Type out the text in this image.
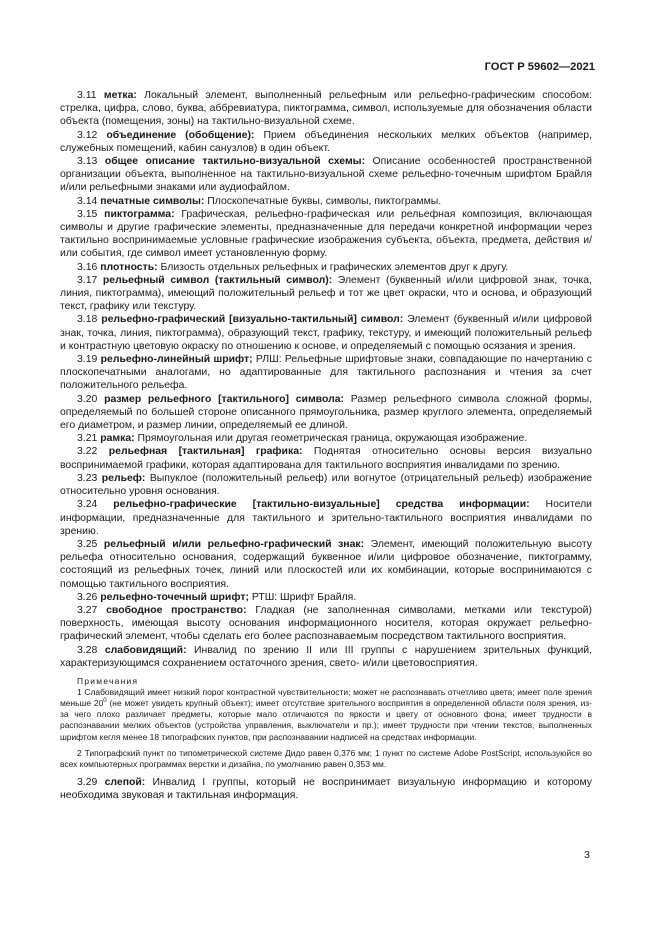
ГОСТ Р 59602—2021

3.11 метка: Локальный элемент, выполненный рельефным или рельефно-графическим способом: стрелка, цифра, слово, буква, аббревиатура, пиктограмма, символ, используемые для обозначения области объекта (помещения, зоны) на тактильно-визуальной схеме.

3.12 объединение (обобщение): Прием объединения нескольких мелких объектов (например, служебных помещений, кабин санузлов) в один объект.

3.13 общее описание тактильно-визуальной схемы: Описание особенностей пространственной организации объекта, выполненное на тактильно-визуальной схеме рельефно-точечным шрифтом Брайля и/или рельефными знаками или аудиофайлом.

3.14 печатные символы: Плоскопечатные буквы, символы, пиктограммы.

3.15 пиктограмма: Графическая, рельефно-графическая или рельефная композиция, включающая символы и другие графические элементы, предназначенные для передачи конкретной информации через тактильно воспринимаемые условные графические изображения субъекта, объекта, предмета, действия и/или события, где символ имеет установленную форму.

3.16 плотность: Близость отдельных рельефных и графических элементов друг к другу.

3.17 рельефный символ (тактильный символ): Элемент (буквенный и/или цифровой знак, точка, линия, пиктограмма), имеющий положительный рельеф и тот же цвет окраски, что и основа, и образующий текст, графику или текстуру.

3.18 рельефно-графический [визуально-тактильный] символ: Элемент (буквенный и/или цифровой знак, точка, линия, пиктограмма), образующий текст, графику, текстуру, и имеющий положительный рельеф и контрастную цветовую окраску по отношению к основе, и определяемый с помощью осязания и зрения.

3.19 рельефно-линейный шрифт; РЛШ: Рельефные шрифтовые знаки, совпадающие по начертанию с плоскопечатными аналогами, но адаптированные для тактильного распознания и чтения за счет положительного рельефа.

3.20 размер рельефного [тактильного] символа: Размер рельефного символа сложной формы, определяемый по большей стороне описанного прямоугольника, размер круглого элемента, определяемый его диаметром, и размер линии, определяемый ее длиной.

3.21 рамка: Прямоугольная или другая геометрическая граница, окружающая изображение.

3.22 рельефная [тактильная] графика: Поднятая относительно основы версия визуально воспринимаемой графики, которая адаптирована для тактильного восприятия инвалидами по зрению.

3.23 рельеф: Выпуклое (положительный рельеф) или вогнутое (отрицательный рельеф) изображение относительно уровня основания.

3.24 рельефно-графические [тактильно-визуальные] средства информации: Носители информации, предназначенные для тактильного и зрительно-тактильного восприятия инвалидами по зрению.

3.25 рельефный и/или рельефно-графический знак: Элемент, имеющий положительную высоту рельефа относительно основания, содержащий буквенное и/или цифровое обозначение, пиктограмму, состоящий из рельефных точек, линий или плоскостей или их комбинации, которые воспринимаются с помощью тактильного восприятия.

3.26 рельефно-точечный шрифт; РТШ: Шрифт Брайля.

3.27 свободное пространство: Гладкая (не заполненная символами, метками или текстурой) поверхность, имеющая высоту основания информационного носителя, которая окружает рельефно-графический элемент, чтобы сделать его более распознаваемым посредством тактильного восприятия.

3.28 слабовидящий: Инвалид по зрению II или III группы с нарушением зрительных функций, характеризующимся сохранением остаточного зрения, свето- и/или цветовосприятия.

Примечания

1 Слабовидящий имеет низкий порог контрастной чувствительности; может не распознавать отчетливо цвета; имеет поле зрения меньше $20^0$ (не может увидеть крупный объект); имеет отсутствие зрительного восприятия в определенной области поля зрения, из-за чего плохо различает предметы, которые мало отличаются по яркости и цвету от основного фона; имеет трудности в распознавании мелких объектов (устройства управления, выключатели и пр.); имеет трудности при чтении текстов, выполненных шрифтом кегля менее 18 типографских пунктов, при распознавании надписей на средствах информации.

2 Типографский пункт по типометрической системе Дидо равен 0,376 мм; 1 пункт по системе Adobe PostScript, используюйся во всех компьютерных программах верстки и дизайна, по умолчанию равен 0,353 мм.

3.29 слепой: Инвалид I группы, который не воспринимает визуальную информацию и которому необходима звуковая и тактильная информация.

3
